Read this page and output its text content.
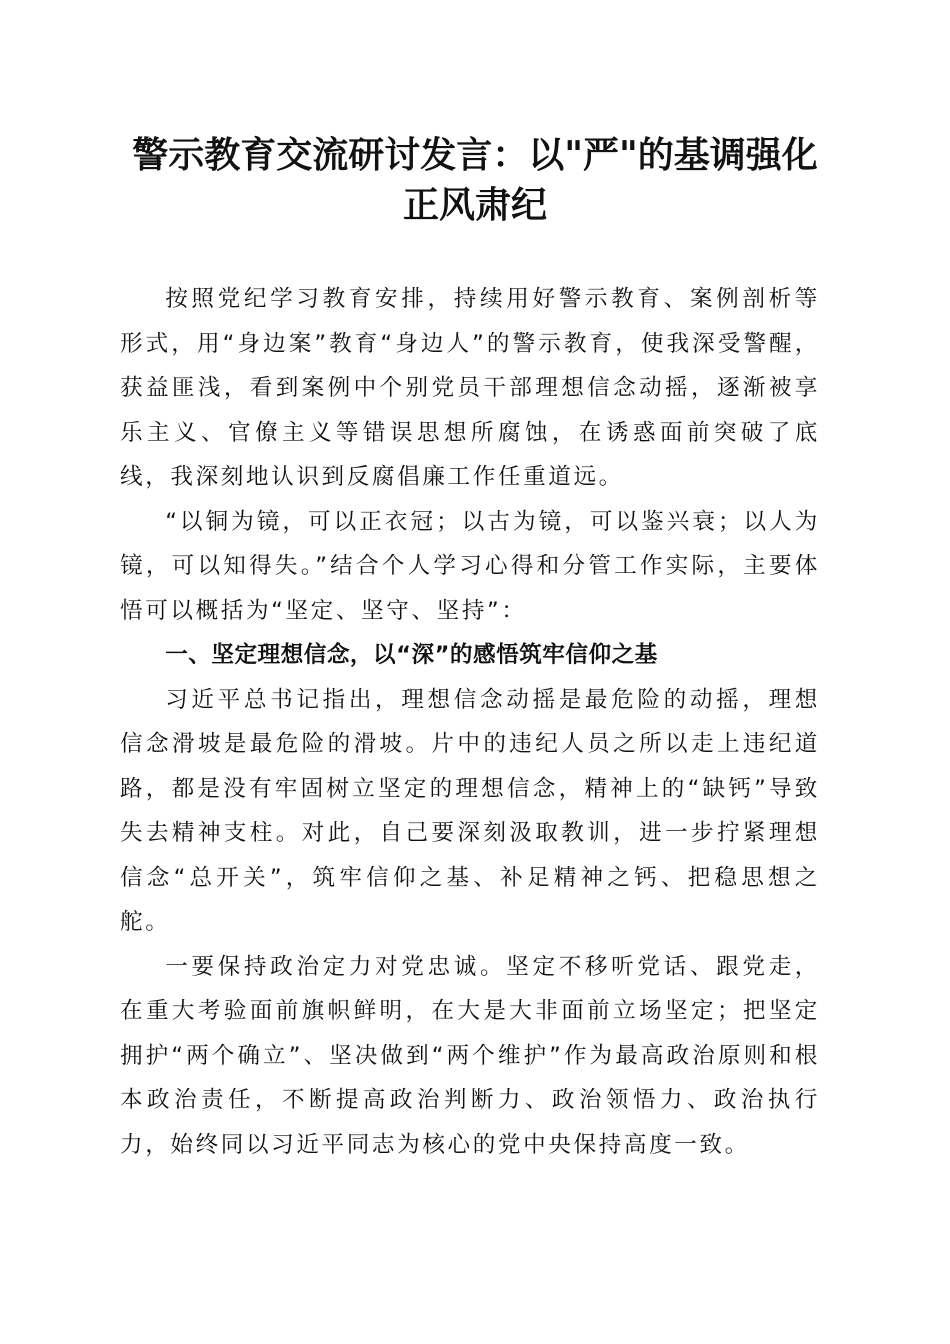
警示教育交流研讨发言：以"严"的基调强化
正风肃纪

按照党纪学习教育安排，持续用好警示教育、案例剖析等形式，用“身边案”教育“身边人”的警示教育，使我深受警醒，获益匪浅，看到案例中个别党员干部理想信念动摇，逐渐被享乐主义、官僚主义等错误思想所腐蚀，在诱惑面前突破了底线，我深刻地认识到反腐倡廉工作任重道远。

“以铜为镜，可以正衣冠；以古为镜，可以鉴兴衰；以人为镜，可以知得失。”结合个人学习心得和分管工作实际，主要体悟可以概括为“坚定、坚守、坚持”：

一、坚定理想信念，以“深”的感悟筑牢信仰之基

习近平总书记指出，理想信念动摇是最危险的动摇，理想信念滑坡是最危险的滑坡。片中的违纪人员之所以走上违纪道路，都是没有牢固树立坚定的理想信念，精神上的“缺钙”导致失去精神支柱。对此，自己要深刻汲取教训，进一步拧紧理想信念“总开关”，筑牢信仰之基、补足精神之钙、把稳思想之舵。

一要保持政治定力对党忠诚。坚定不移听党话、跟党走，在重大考验面前旗帜鲜明，在大是大非面前立场坚定；把坚定拥护“两个确立”、坚决做到“两个维护”作为最高政治原则和根本政治责任，不断提高政治判断力、政治领悟力、政治执行力，始终同以习近平同志为核心的党中央保持高度一致。
